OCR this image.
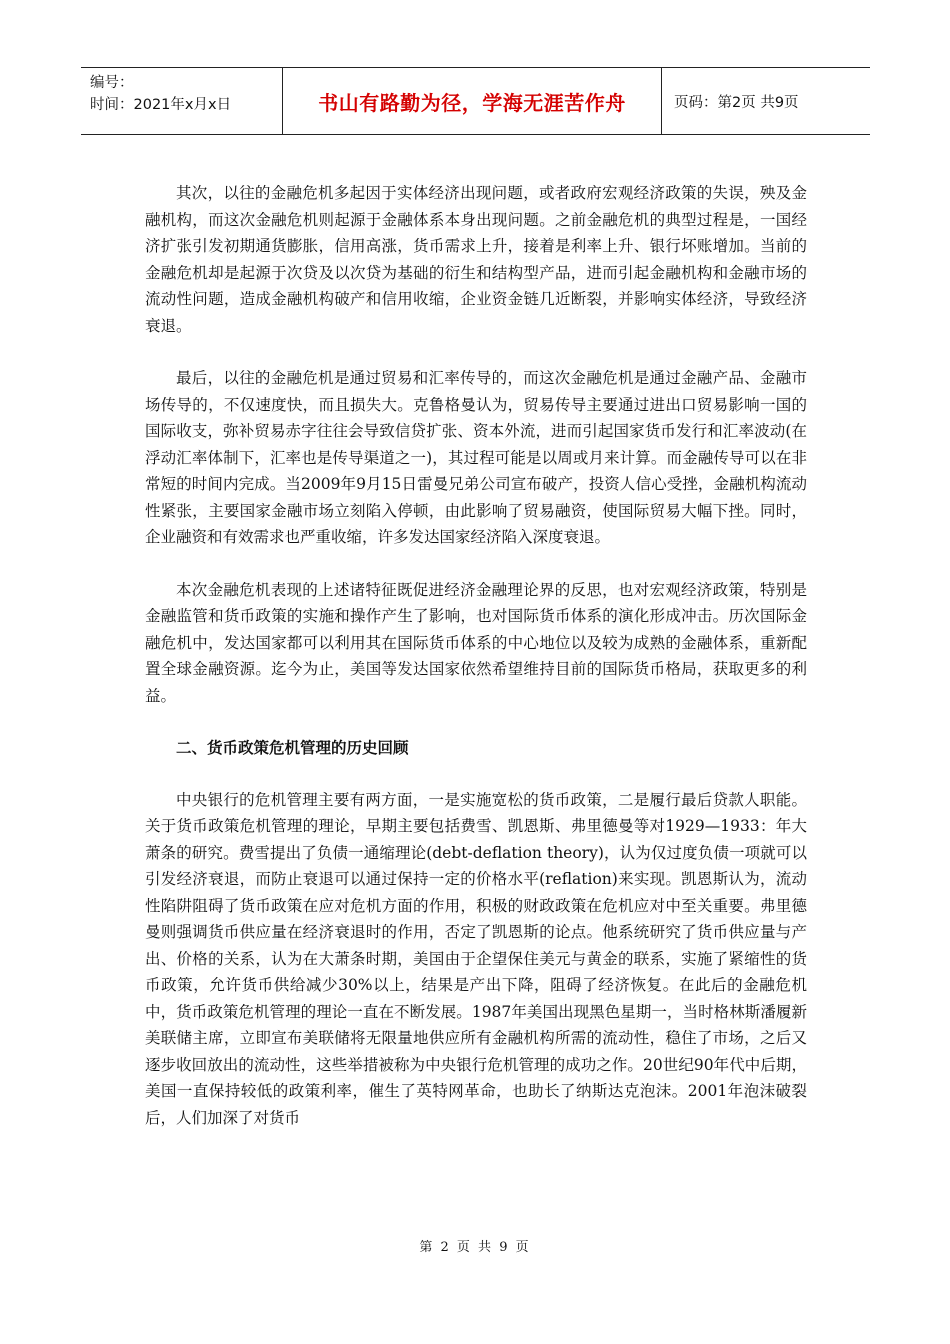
编号：
时间：2021年x月x日	书山有路勤为径，学海无涯苦作舟	页码：第2页 共9页

其次，以往的金融危机多起因于实体经济出现问题，或者政府宏观经济政策的失误，殃及金融机构，而这次金融危机则起源于金融体系本身出现问题。之前金融危机的典型过程是，一国经济扩张引发初期通货膨胀，信用高涨，货币需求上升，接着是利率上升、银行坏账增加。当前的金融危机却是起源于次贷及以次贷为基础的衍生和结构型产品，进而引起金融机构和金融市场的流动性问题，造成金融机构破产和信用收缩，企业资金链几近断裂，并影响实体经济，导致经济衰退。

最后，以往的金融危机是通过贸易和汇率传导的，而这次金融危机是通过金融产品、金融市场传导的，不仅速度快，而且损失大。克鲁格曼认为，贸易传导主要通过进出口贸易影响一国的国际收支，弥补贸易赤字往往会导致信贷扩张、资本外流，进而引起国家货币发行和汇率波动(在浮动汇率体制下，汇率也是传导渠道之一)，其过程可能是以周或月来计算。而金融传导可以在非常短的时间内完成。当2009年9月15日雷曼兄弟公司宣布破产，投资人信心受挫，金融机构流动性紧张，主要国家金融市场立刻陷入停顿，由此影响了贸易融资，使国际贸易大幅下挫。同时，企业融资和有效需求也严重收缩，许多发达国家经济陷入深度衰退。

本次金融危机表现的上述诸特征既促进经济金融理论界的反思，也对宏观经济政策，特别是金融监管和货币政策的实施和操作产生了影响，也对国际货币体系的演化形成冲击。历次国际金融危机中，发达国家都可以利用其在国际货币体系的中心地位以及较为成熟的金融体系，重新配置全球金融资源。迄今为止，美国等发达国家依然希望维持目前的国际货币格局，获取更多的利益。

二、货币政策危机管理的历史回顾

中央银行的危机管理主要有两方面，一是实施宽松的货币政策，二是履行最后贷款人职能。关于货币政策危机管理的理论，早期主要包括费雪、凯恩斯、弗里德曼等对1929—1933：年大萧条的研究。费雪提出了负债一通缩理论(debt-deflation theory)，认为仅过度负债一项就可以引发经济衰退，而防止衰退可以通过保持一定的价格水平(reflation)来实现。凯恩斯认为，流动性陷阱阻碍了货币政策在应对危机方面的作用，积极的财政政策在危机应对中至关重要。弗里德曼则强调货币供应量在经济衰退时的作用，否定了凯恩斯的论点。他系统研究了货币供应量与产出、价格的关系，认为在大萧条时期，美国由于企望保住美元与黄金的联系，实施了紧缩性的货币政策，允许货币供给减少30%以上，结果是产出下降，阻碍了经济恢复。在此后的金融危机中，货币政策危机管理的理论一直在不断发展。1987年美国出现黑色星期一，当时格林斯潘履新美联储主席，立即宣布美联储将无限量地供应所有金融机构所需的流动性，稳住了市场，之后又逐步收回放出的流动性，这些举措被称为中央银行危机管理的成功之作。20世纪90年代中后期，美国一直保持较低的政策利率，催生了英特网革命，也助长了纳斯达克泡沫。2001年泡沫破裂后，人们加深了对货币

第 2 页 共 9 页
